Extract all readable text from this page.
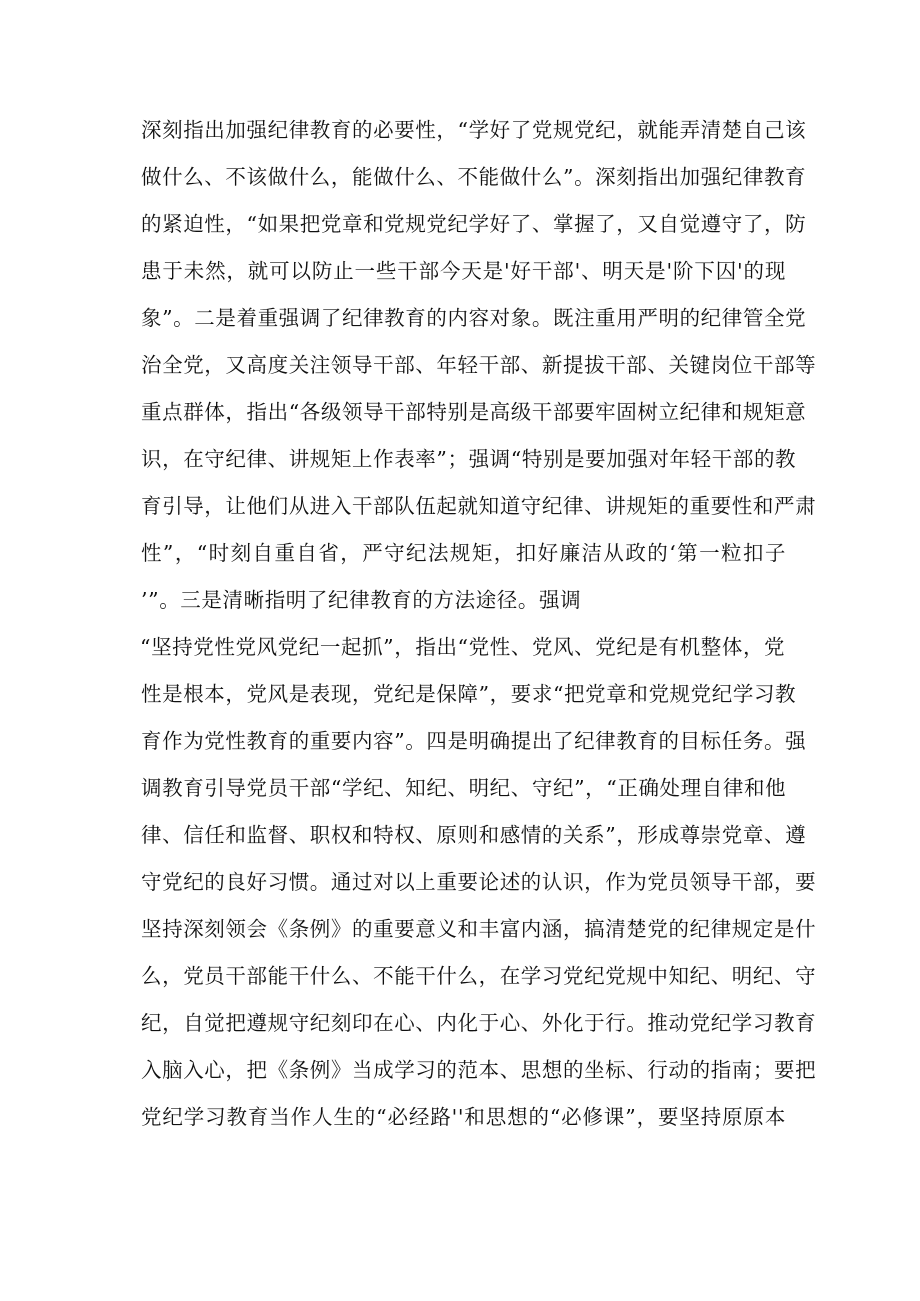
深刻指出加强纪律教育的必要性，“学好了党规党纪，就能弄清楚自己该
做什么、不该做什么，能做什么、不能做什么”。深刻指出加强纪律教育
的紧迫性，“如果把党章和党规党纪学好了、掌握了，又自觉遵守了，防
患于未然，就可以防止一些干部今天是'好干部'、明天是'阶下囚'的现
象”。二是着重强调了纪律教育的内容对象。既注重用严明的纪律管全党
治全党，又高度关注领导干部、年轻干部、新提拔干部、关键岗位干部等
重点群体，指出“各级领导干部特别是高级干部要牢固树立纪律和规矩意
识，在守纪律、讲规矩上作表率”；强调“特别是要加强对年轻干部的教
育引导，让他们从进入干部队伍起就知道守纪律、讲规矩的重要性和严肃
性”，“时刻自重自省，严守纪法规矩，扣好廉洁从政的‘第一粒扣子
’”。三是清晰指明了纪律教育的方法途径。强调
“坚持党性党风党纪一起抓”，指出“党性、党风、党纪是有机整体，党
性是根本，党风是表现，党纪是保障”，要求“把党章和党规党纪学习教
育作为党性教育的重要内容”。四是明确提出了纪律教育的目标任务。强
调教育引导党员干部“学纪、知纪、明纪、守纪”，“正确处理自律和他
律、信任和监督、职权和特权、原则和感情的关系”，形成尊崇党章、遵
守党纪的良好习惯。通过对以上重要论述的认识，作为党员领导干部，要
坚持深刻领会《条例》的重要意义和丰富内涵，搞清楚党的纪律规定是什
么，党员干部能干什么、不能干什么，在学习党纪党规中知纪、明纪、守
纪，自觉把遵规守纪刻印在心、内化于心、外化于行。推动党纪学习教育
入脑入心，把《条例》当成学习的范本、思想的坐标、行动的指南；要把
党纪学习教育当作人生的“必经路''和思想的“必修课”，要坚持原原本
